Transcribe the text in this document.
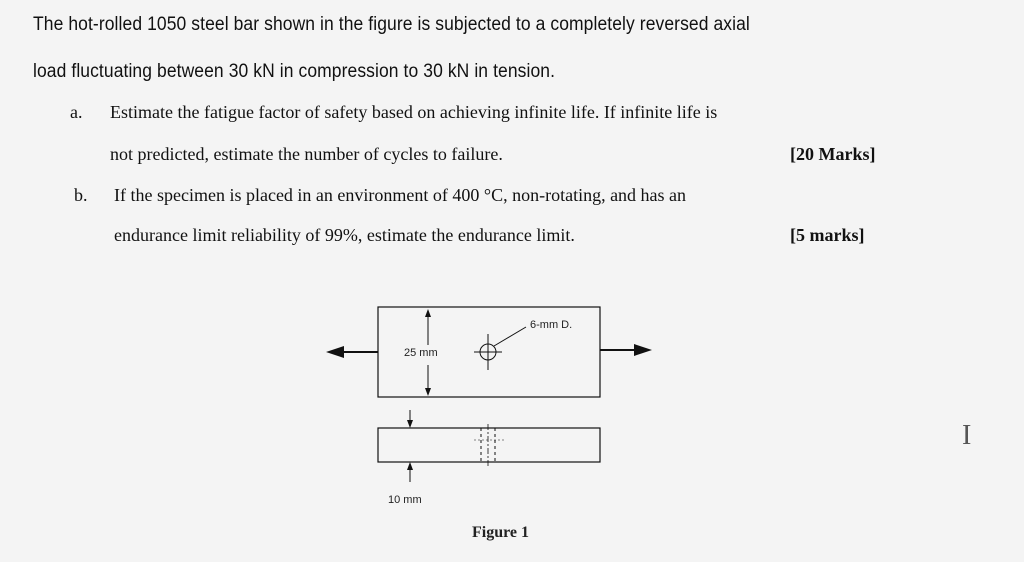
The hot-rolled 1050 steel bar shown in the figure is subjected to a completely reversed axial
load fluctuating between 30 kN in compression to 30 kN in tension.
a. Estimate the fatigue factor of safety based on achieving infinite life. If infinite life is
not predicted, estimate the number of cycles to failure.	[20 Marks]
b. If the specimen is placed in an environment of 400 °C, non-rotating, and has an
endurance limit reliability of 99%, estimate the endurance limit.	[5 marks]
6-mm D.
25 mm
10 mm
Figure 1
I
